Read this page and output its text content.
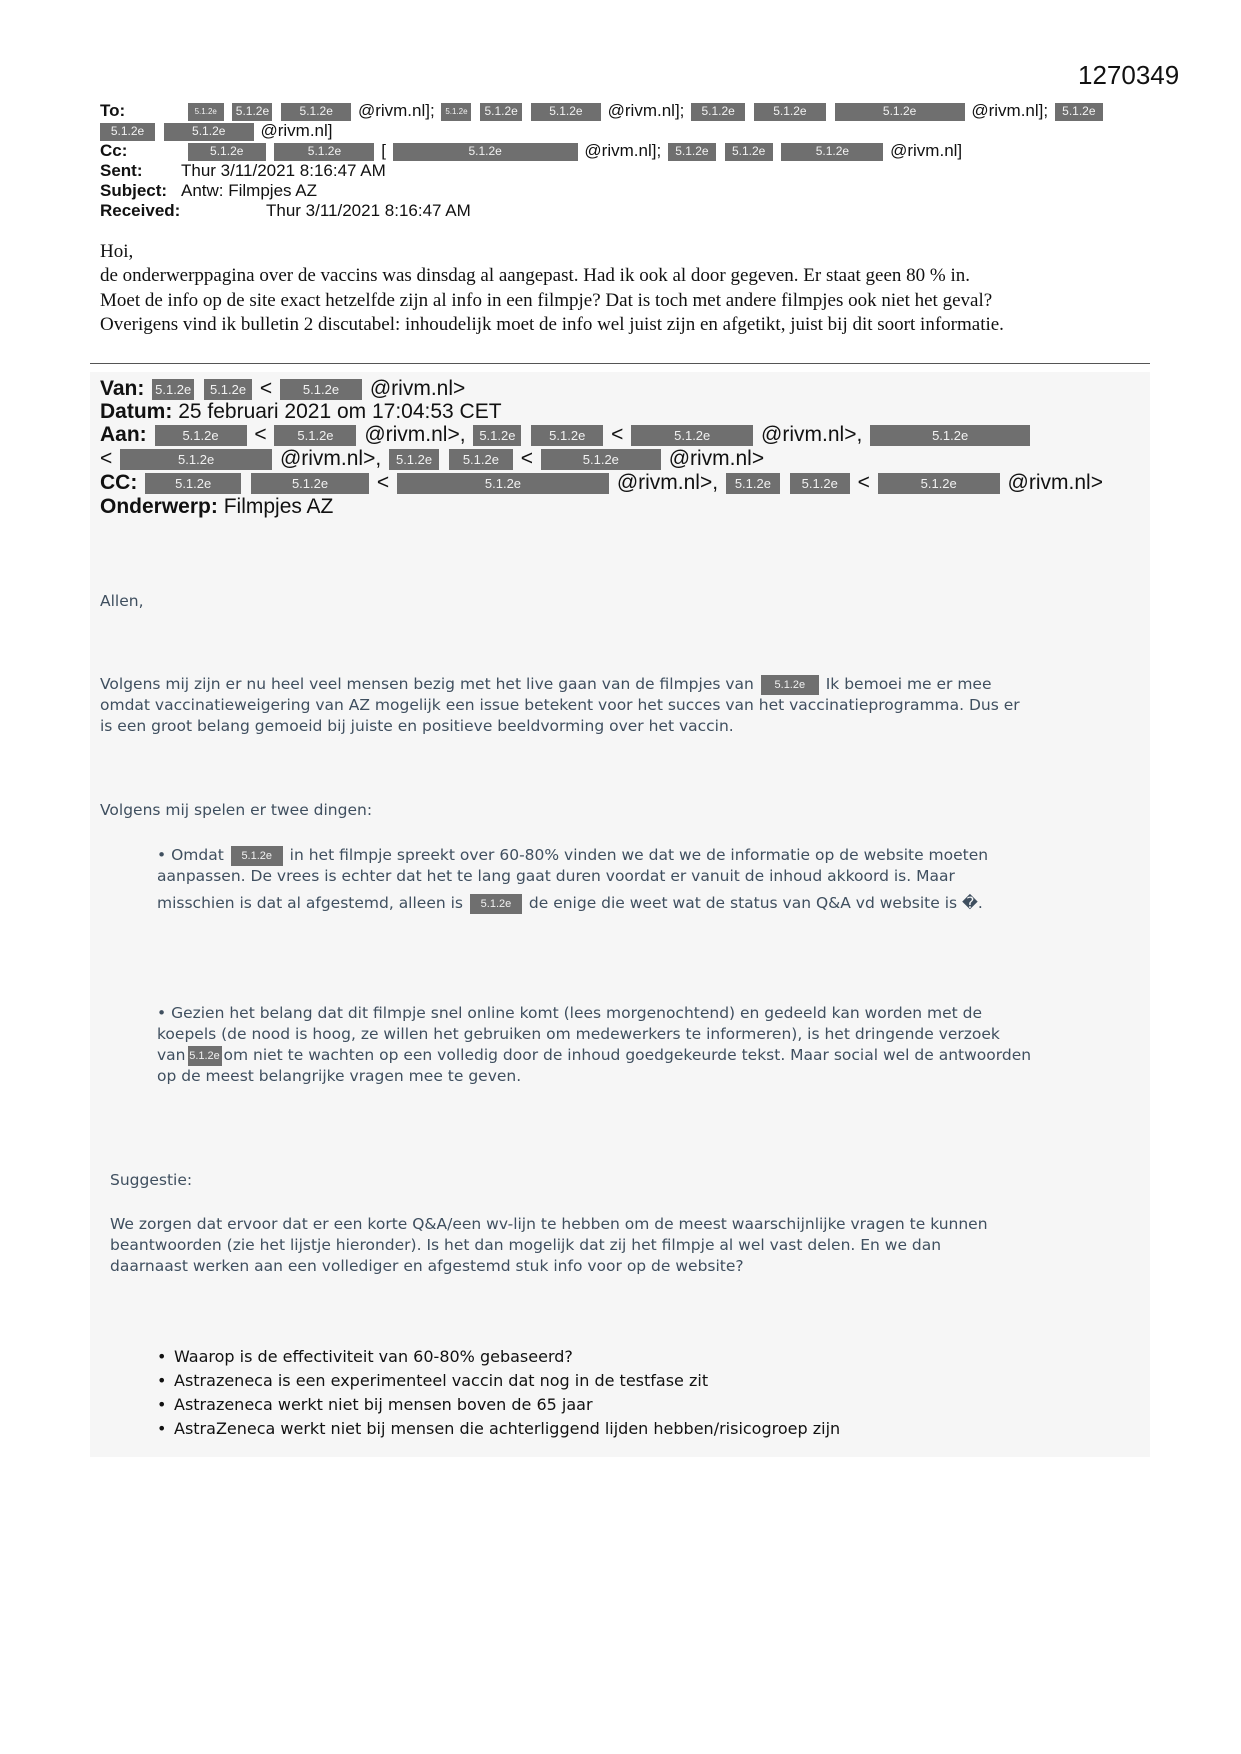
1270349
To:	5.1.2e 5.1.2e	5.1.2e @rivm.nl]; 5.1.2e 5.1.2e	5.1.2e @rivm.nl]; 5.1.2e	5.1.2e	5.1.2e	@rivm.nl]; 5.1.2e
5.1.2e	5.1.2e @rivm.nl]
Cc:	5.1.2e	5.1.2e [	5.1.2e	@rivm.nl]; 5.1.2e 5.1.2e	5.1.2e @rivm.nl]
Sent: Thur 3/11/2021 8:16:47 AM
Subject: Antw: Filmpjes AZ
Received:	Thur 3/11/2021 8:16:47 AM
Hoi,
de onderwerppagina over de vaccins was dinsdag al aangepast. Had ik ook al door gegeven. Er staat geen 80 % in.
Moet de info op de site exact hetzelfde zijn al info in een filmpje? Dat is toch met andere filmpjes ook niet het geval?
Overigens vind ik bulletin 2 discutabel: inhoudelijk moet de info wel juist zijn en afgetikt, juist bij dit soort informatie.
Van: 5.1.2e 5.1.2e < 5.1.2e @rivm.nl>
Datum: 25 februari 2021 om 17:04:53 CET
Aan:	5.1.2e < 5.1.2e @rivm.nl>, 5.1.2e	5.1.2e <	5.1.2e @rivm.nl>,	5.1.2e
<	5.1.2e	@rivm.nl>, 5.1.2e 5.1.2e <	5.1.2e @rivm.nl>
CC:	5.1.2e	5.1.2e <	5.1.2e	@rivm.nl>, 5.1.2e 5.1.2e <	5.1.2e @rivm.nl>
Onderwerp: Filmpjes AZ
Allen,
Volgens mij zijn er nu heel veel mensen bezig met het live gaan van de filmpjes van 5.1.2e Ik bemoei me er mee
omdat vaccinatieweigering van AZ mogelijk een issue betekent voor het succes van het vaccinatieprogramma. Dus er
is een groot belang gemoeid bij juiste en positieve beeldvorming over het vaccin.
Volgens mij spelen er twee dingen:
• Omdat 5.1.2e in het filmpje spreekt over 60-80% vinden we dat we de informatie op de website moeten
aanpassen. De vrees is echter dat het te lang gaat duren voordat er vanuit de inhoud akkoord is. Maar
misschien is dat al afgestemd, alleen is 5.1.2e de enige die weet wat de status van Q&A vd website is �.
• Gezien het belang dat dit filmpje snel online komt (lees morgenochtend) en gedeeld kan worden met de
koepels (de nood is hoog, ze willen het gebruiken om medewerkers te informeren), is het dringende verzoek
van 5.1.2e om niet te wachten op een volledig door de inhoud goedgekeurde tekst. Maar social wel de antwoorden
op de meest belangrijke vragen mee te geven.
Suggestie:
We zorgen dat ervoor dat er een korte Q&A/een wv-lijn te hebben om de meest waarschijnlijke vragen te kunnen
beantwoorden (zie het lijstje hieronder). Is het dan mogelijk dat zij het filmpje al wel vast delen. En we dan
daarnaast werken aan een vollediger en afgestemd stuk info voor op de website?
• Waarop is de effectiviteit van 60-80% gebaseerd?
• Astrazeneca is een experimenteel vaccin dat nog in de testfase zit
• Astrazeneca werkt niet bij mensen boven de 65 jaar
• AstraZeneca werkt niet bij mensen die achterliggend lijden hebben/risicogroep zijn
